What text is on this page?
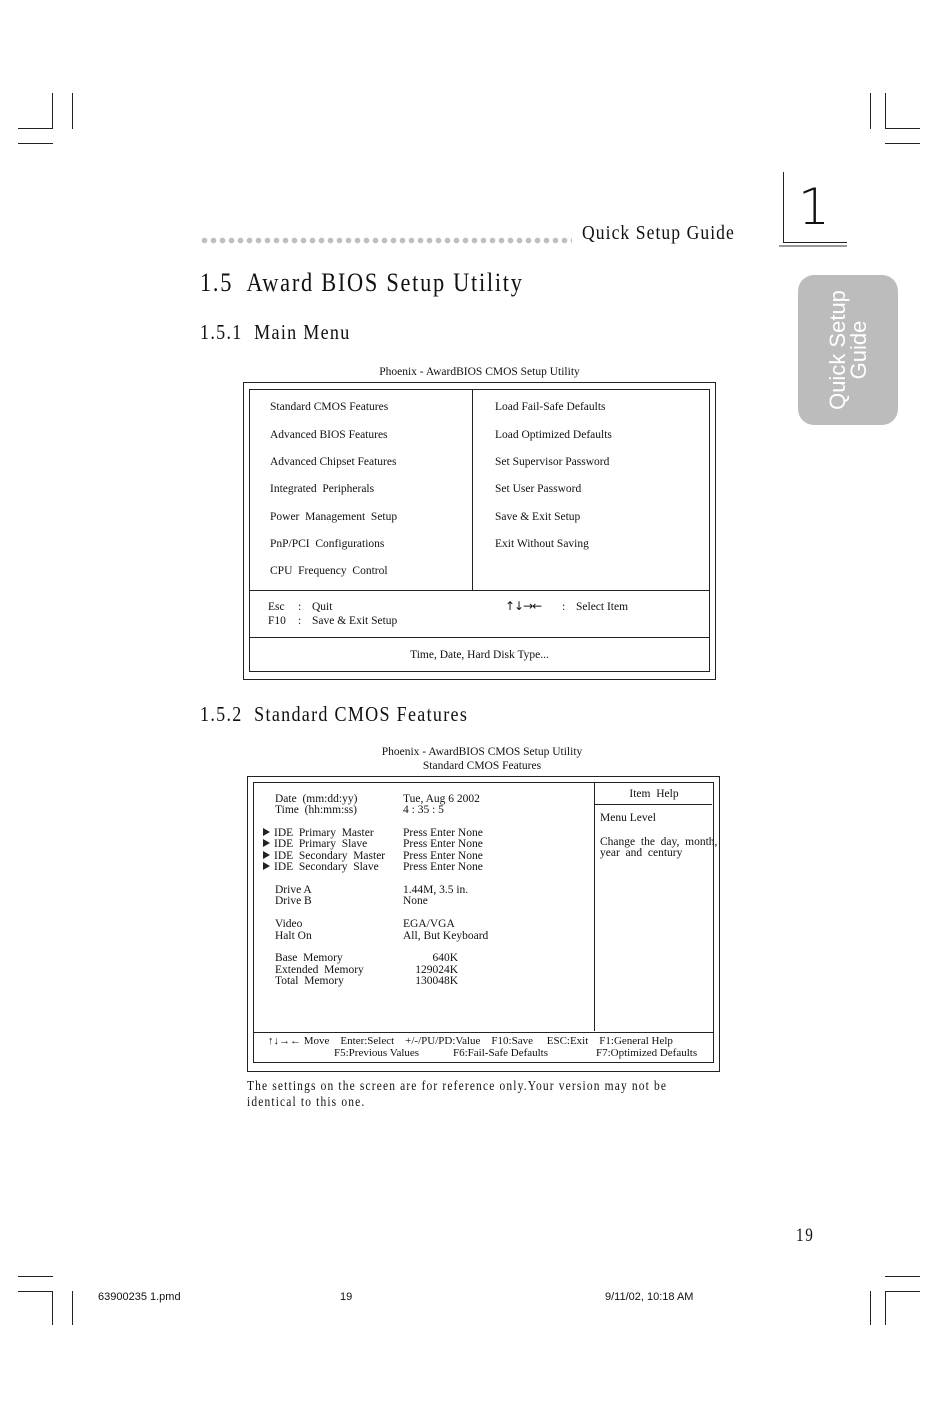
Quick Setup Guide 1
Quick Setup
Guide
1.5  Award BIOS Setup Utility
1.5.1  Main Menu
Phoenix - AwardBIOS CMOS Setup Utility
Standard CMOS Features
Advanced BIOS Features
Advanced Chipset Features
Integrated  Peripherals
Power  Management  Setup
PnP/PCI  Configurations
CPU  Frequency  Control
Load Fail-Safe Defaults
Load Optimized Defaults
Set Supervisor Password
Set User Password
Save & Exit Setup
Exit Without Saving
Esc : Quit
F10 : Save & Exit Setup
↑↓→← : Select Item
Time, Date, Hard Disk Type...
1.5.2  Standard CMOS Features
Phoenix - AwardBIOS CMOS Setup Utility
Standard CMOS Features
Date  (mm:dd:yy)	Tue, Aug 6 2002
Time  (hh:mm:ss)	4 : 35 : 5
IDE  Primary  Master	Press Enter None
IDE  Primary  Slave	Press Enter None
IDE  Secondary  Master Press Enter None
IDE  Secondary  Slave Press Enter None
Drive A	1.44M, 3.5 in.
Drive B	None
Video	EGA/VGA
Halt On	All, But Keyboard
Base  Memory	640K
Extended  Memory	129024K
Total  Memory	130048K
Item  Help
Menu Level
Change  the  day,  month,
year  and  century
↑↓→← Move    Enter:Select    +/-/PU/PD:Value    F10:Save     ESC:Exit    F1:General Help
F5:Previous Values	F6:Fail-Safe Defaults	F7:Optimized Defaults
The settings on the screen are for reference only.Your version may not be
identical to this one.
19
63900235 1.pmd	19	9/11/02, 10:18 AM
